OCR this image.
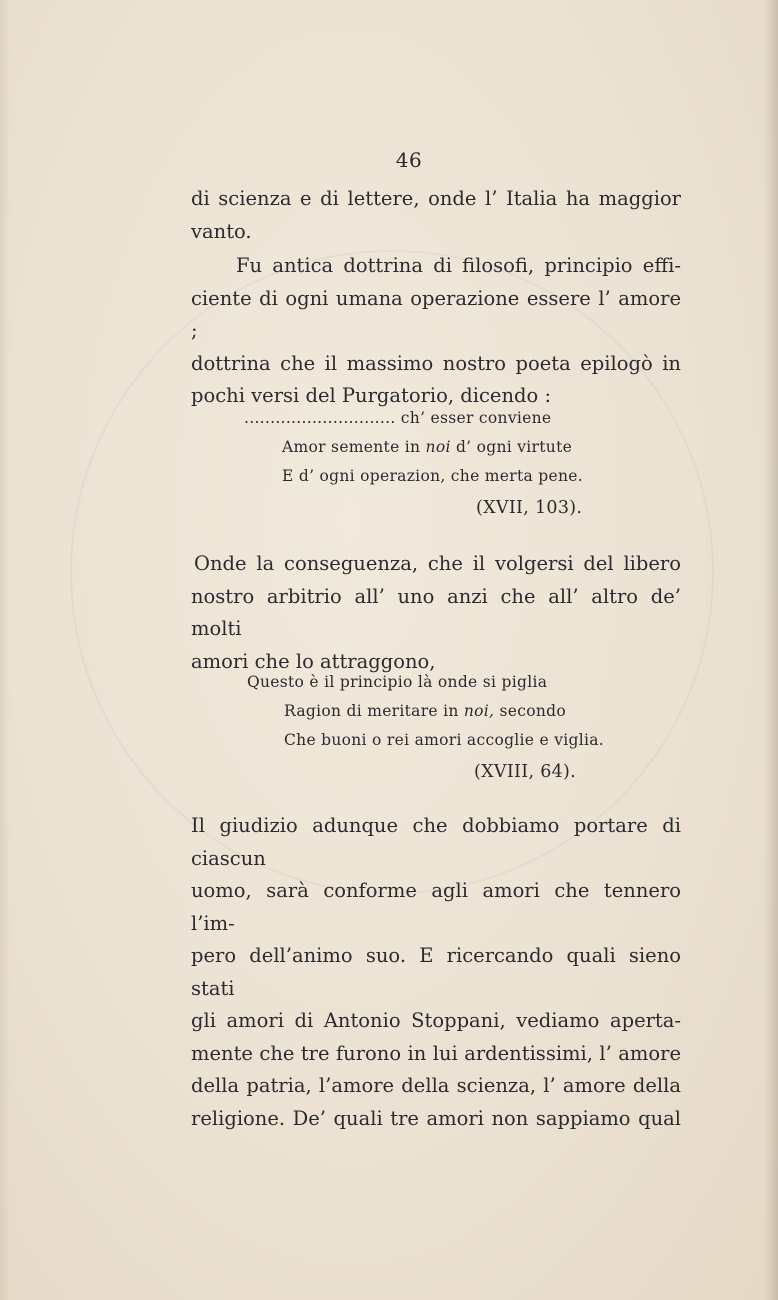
46

di scienza e di lettere, onde l’ Italia ha maggior

vanto.

Fu antica dottrina di filosofi, principio effi-

ciente di ogni umana operazione essere l’ amore ;

dottrina che il massimo nostro poeta epilogò in

pochi versi del Purgatorio, dicendo :

............................. ch’ esser conviene
Amor semente in noi d’ ogni virtute
E d’ ogni operazion, che merta pene.
(XVII, 103).

Onde la conseguenza, che il volgersi del libero

nostro arbitrio all’ uno anzi che all’ altro de’ molti

amori che lo attraggono,

Questo è il principio là onde si piglia
Ragion di meritare in noi, secondo
Che buoni o rei amori accoglie e viglia.
(XVIII, 64).

Il giudizio adunque che dobbiamo portare di ciascun

uomo, sarà conforme agli amori che tennero l’im-

pero dell’animo suo. E ricercando quali sieno stati

gli amori di Antonio Stoppani, vediamo aperta-

mente che tre furono in lui ardentissimi, l’ amore

della patria, l’amore della scienza, l’ amore della

religione. De’ quali tre amori non sappiamo qual
